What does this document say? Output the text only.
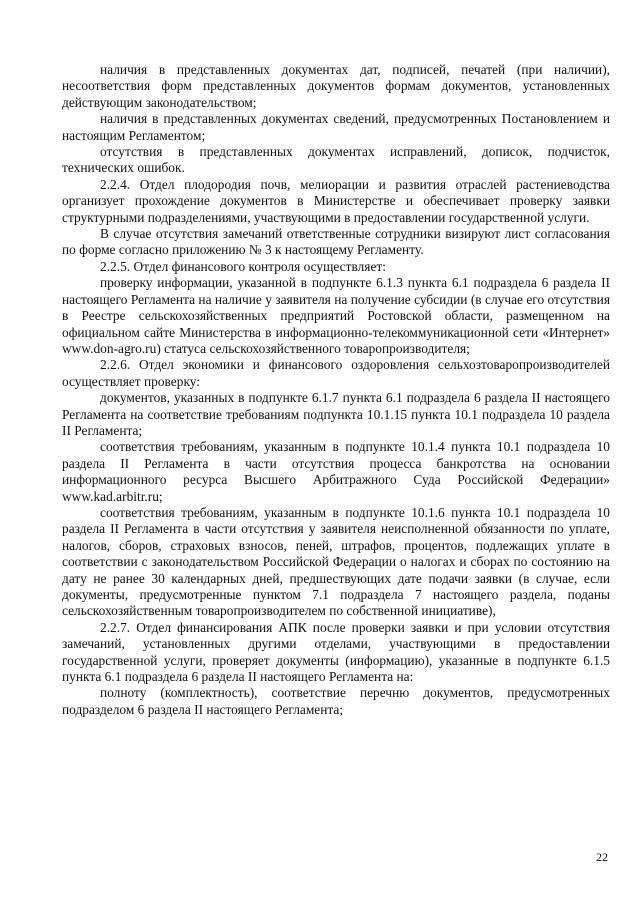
наличия в представленных документах дат, подписей, печатей (при наличии), несоответствия форм представленных документов формам документов, установленных действующим законодательством;

наличия в представленных документах сведений, предусмотренных Постановлением и настоящим Регламентом;

отсутствия в представленных документах исправлений, дописок, подчисток, технических ошибок.

2.2.4. Отдел плодородия почв, мелиорации и развития отраслей растениеводства организует прохождение документов в Министерстве и обеспечивает проверку заявки структурными подразделениями, участвующими в предоставлении государственной услуги.

В случае отсутствия замечаний ответственные сотрудники визируют лист согласования по форме согласно приложению № 3 к настоящему Регламенту.

2.2.5. Отдел финансового контроля осуществляет:

проверку информации, указанной в подпункте 6.1.3 пункта 6.1 подраздела 6 раздела II настоящего Регламента на наличие у заявителя на получение субсидии (в случае его отсутствия в Реестре сельскохозяйственных предприятий Ростовской области, размещенном на официальном сайте Министерства в информационно-телекоммуникационной сети «Интернет» www.don-agro.ru) статуса сельскохозяйственного товаропроизводителя;

2.2.6. Отдел экономики и финансового оздоровления сельхозтоваропроизводителей осуществляет проверку:

документов, указанных в подпункте 6.1.7 пункта 6.1 подраздела 6 раздела II настоящего Регламента на соответствие требованиям подпункта 10.1.15 пункта 10.1 подраздела 10 раздела II Регламента;

соответствия требованиям, указанным в подпункте 10.1.4 пункта 10.1 подраздела 10 раздела II Регламента в части отсутствия процесса банкротства на основании информационного ресурса Высшего Арбитражного Суда Российской Федерации» www.kad.arbitr.ru;

соответствия требованиям, указанным в подпункте 10.1.6 пункта 10.1 подраздела 10 раздела II Регламента в части отсутствия у заявителя неисполненной обязанности по уплате, налогов, сборов, страховых взносов, пеней, штрафов, процентов, подлежащих уплате в соответствии с законодательством Российской Федерации о налогах и сборах по состоянию на дату не ранее 30 календарных дней, предшествующих дате подачи заявки (в случае, если документы, предусмотренные пунктом 7.1 подраздела 7 настоящего раздела, поданы сельскохозяйственным товаропроизводителем по собственной инициативе),

2.2.7. Отдел финансирования АПК после проверки заявки и при условии отсутствия замечаний, установленных другими отделами, участвующими в предоставлении государственной услуги, проверяет документы (информацию), указанные в подпункте 6.1.5 пункта 6.1 подраздела 6 раздела II настоящего Регламента на:

полноту (комплектность), соответствие перечню документов, предусмотренных подразделом 6 раздела II настоящего Регламента;

22
